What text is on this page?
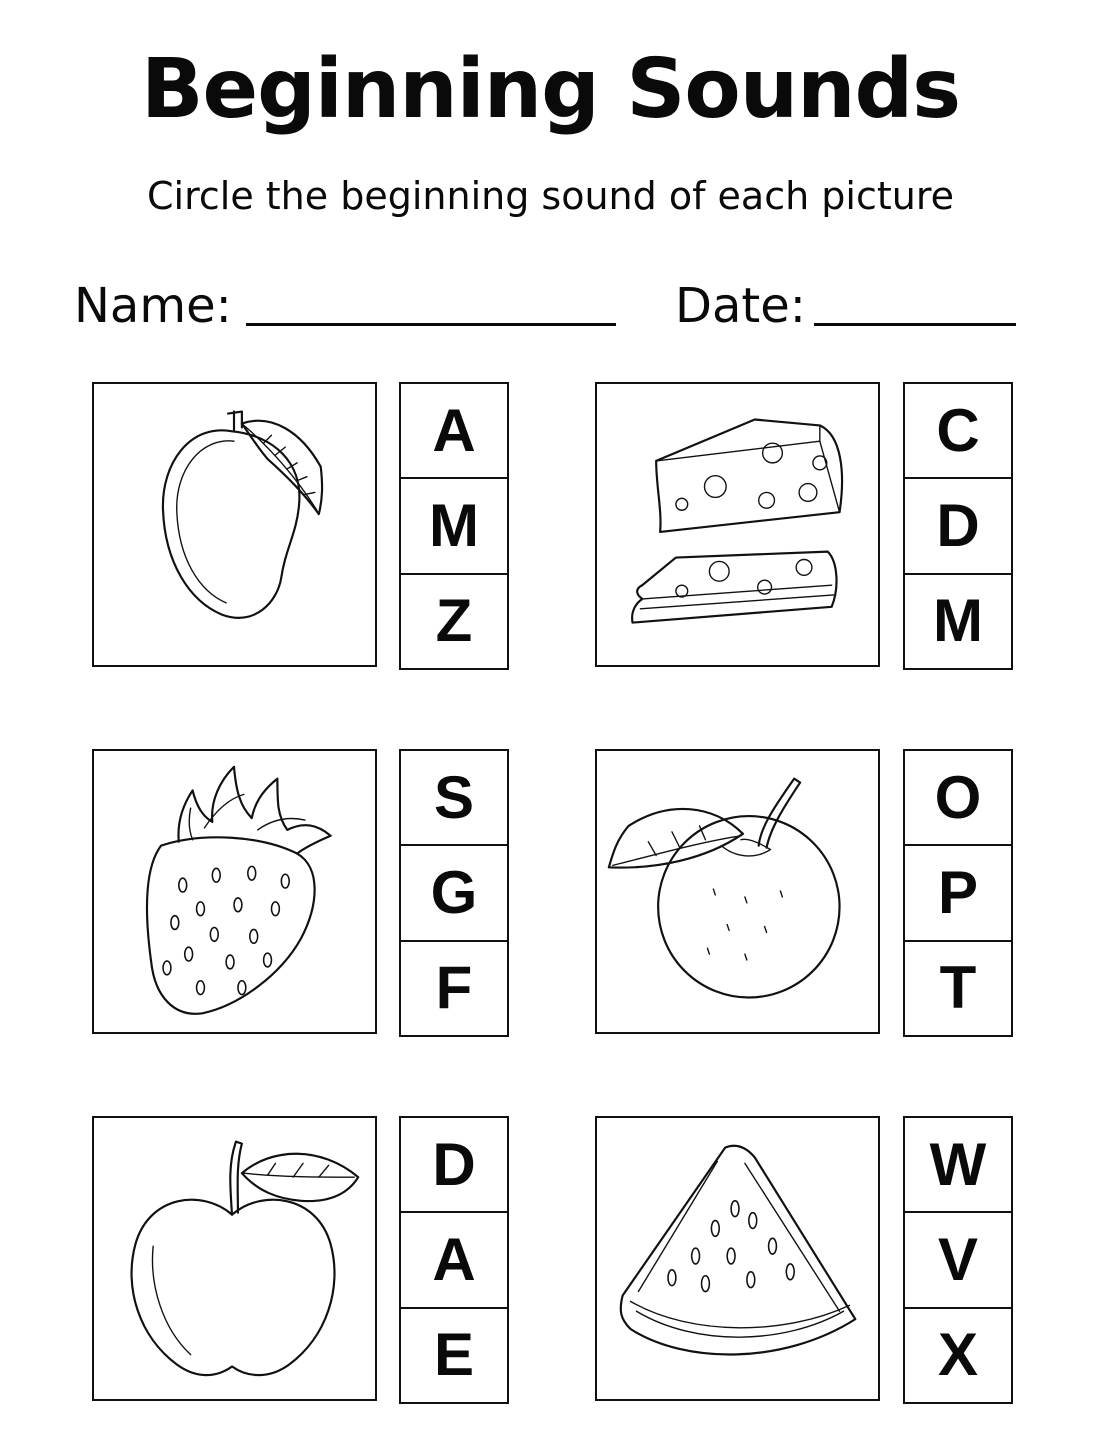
Beginning Sounds
Circle the beginning sound of each picture
Name:	Date:
A
M
Z
C
D
M
S
G
F
O
P
T
D
A
E
W
V
X
